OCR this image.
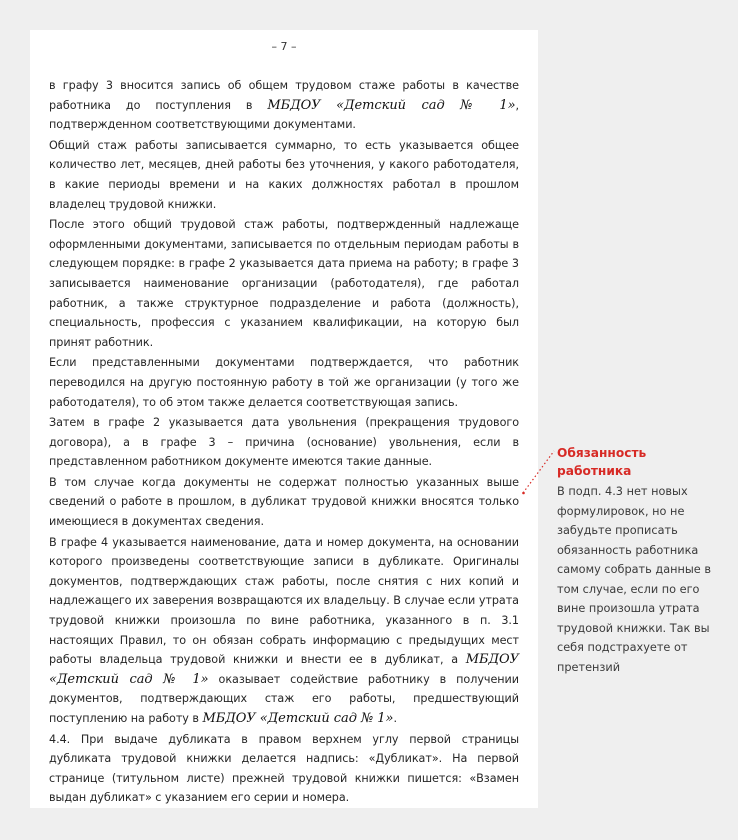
– 7 –

в графу 3 вносится запись об общем трудовом стаже работы в качестве работника до поступления в МБДОУ «Детский сад № 1», подтвержденном соответствующими документами.

Общий стаж работы записывается суммарно, то есть указывается общее количество лет, месяцев, дней работы без уточнения, у какого работодателя, в какие периоды времени и на каких должностях работал в прошлом владелец трудовой книжки.

После этого общий трудовой стаж работы, подтвержденный надлежаще оформленными документами, записывается по отдельным периодам работы в следующем порядке: в графе 2 указывается дата приема на работу; в графе 3 записывается наименование организации (работодателя), где работал работник, а также структурное подразделение и работа (должность), специальность, профессия с указанием квалификации, на которую был принят работник.

Если представленными документами подтверждается, что работник переводился на другую постоянную работу в той же организации (у того же работодателя), то об этом также делается соответствующая запись.

Затем в графе 2 указывается дата увольнения (прекращения трудового договора), а в графе 3 – причина (основание) увольнения, если в представленном работником документе имеются такие данные.

В том случае когда документы не содержат полностью указанных выше сведений о работе в прошлом, в дубликат трудовой книжки вносятся только имеющиеся в документах сведения.

В графе 4 указывается наименование, дата и номер документа, на основании которого произведены соответствующие записи в дубликате. Оригиналы документов, подтверждающих стаж работы, после снятия с них копий и надлежащего их заверения возвращаются их владельцу. В случае если утрата трудовой книжки произошла по вине работника, указанного в п. 3.1 настоящих Правил, то он обязан собрать информацию с предыдущих мест работы владельца трудовой книжки и внести ее в дубликат, а МБДОУ «Детский сад № 1» оказывает содействие работнику в получении документов, подтверждающих стаж его работы, предшествующий поступлению на работу в МБДОУ «Детский сад № 1».

4.4. При выдаче дубликата в правом верхнем углу первой страницы дубликата трудовой книжки делается надпись: «Дубликат». На первой странице (титульном листе) прежней трудовой книжки пишется: «Взамен выдан дубликат» с указанием его серии и номера.

Обязанность
работника
В подп. 4.3 нет новых формулировок, но не забудьте прописать обязанность работника самому собрать данные в том случае, если по его вине произошла утрата трудовой книжки. Так вы себя подстрахуете от претензий
